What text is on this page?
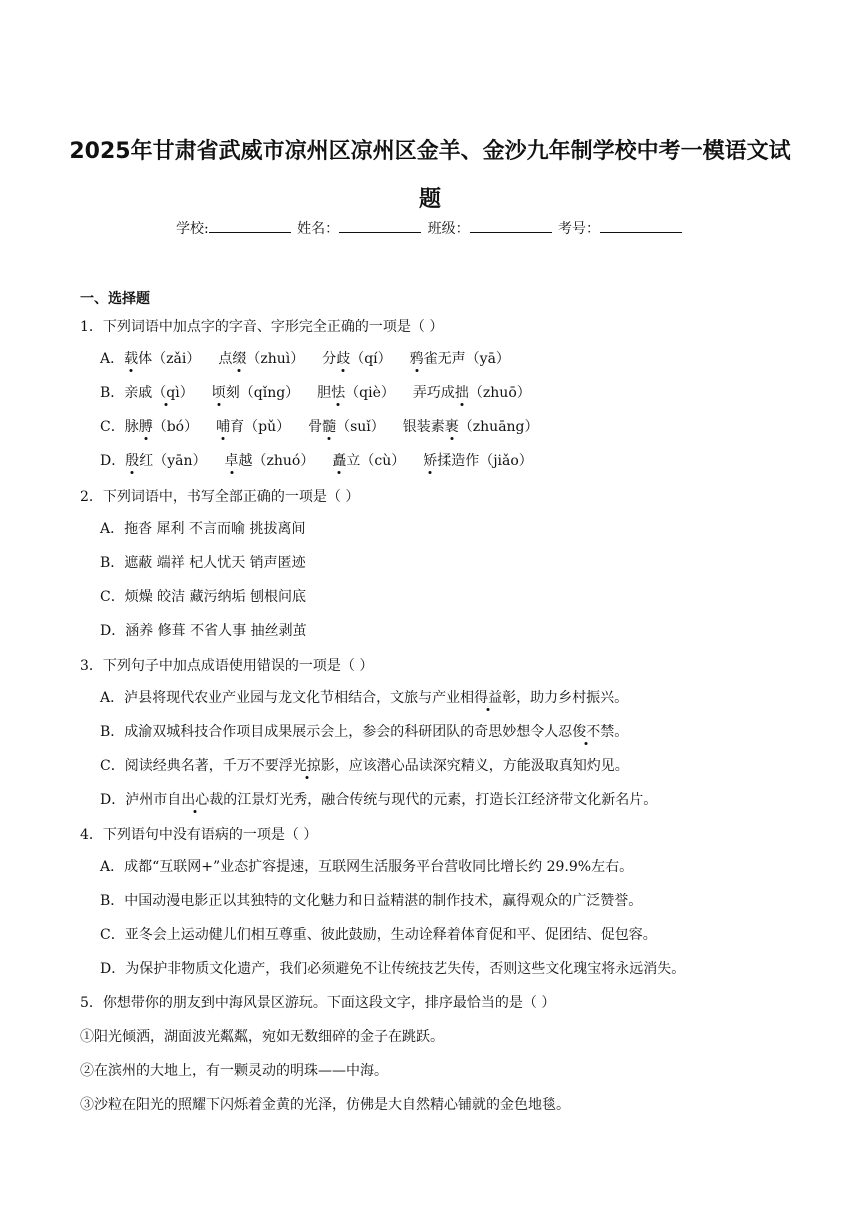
2025年甘肃省武威市凉州区凉州区金羊、金沙九年制学校中考一模语文试题
学校:	姓名：	班级：	考号：
一、选择题
1．下列词语中加点字的字音、字形完全正确的一项是（ ）
A．载体（zǎi） 点缀（zhuì） 分歧（qí） 鸦雀无声（yā）
B．亲戚（qì） 顷刻（qǐng） 胆怯（qiè） 弄巧成拙（zhuō）
C．脉膊（bó） 哺育（pǔ） 骨髓（suǐ） 银装素裹（zhuāng）
D．殷红（yān） 卓越（zhuó） 矗立（cù） 矫揉造作（jiǎo）
2．下列词语中，书写全部正确的一项是（ ）
A．拖沓 犀利 不言而喻 挑拔离间
B．遮蔽 端祥 杞人忧天 销声匿迹
C．烦燥 皎洁 藏污纳垢 刨根问底
D．涵养 修葺 不省人事 抽丝剥茧
3．下列句子中加点成语使用错误的一项是（ ）
A．泸县将现代农业产业园与龙文化节相结合，文旅与产业相得益彰，助力乡村振兴。
B．成渝双城科技合作项目成果展示会上，参会的科研团队的奇思妙想令人忍俊不禁。
C．阅读经典名著，千万不要浮光掠影，应该潜心品读深究精义，方能汲取真知灼见。
D．泸州市自出心裁的江景灯光秀，融合传统与现代的元素，打造长江经济带文化新名片。
4．下列语句中没有语病的一项是（ ）
A．成都“互联网+”业态扩容提速，互联网生活服务平台营收同比增长约 29.9%左右。
B．中国动漫电影正以其独特的文化魅力和日益精湛的制作技术，赢得观众的广泛赞誉。
C．亚冬会上运动健儿们相互尊重、彼此鼓励，生动诠释着体育促和平、促团结、促包容。
D．为保护非物质文化遗产，我们必须避免不让传统技艺失传，否则这些文化瑰宝将永远消失。
5．你想带你的朋友到中海风景区游玩。下面这段文字，排序最恰当的是（ ）
①阳光倾洒，湖面波光粼粼，宛如无数细碎的金子在跳跃。
②在滨州的大地上，有一颗灵动的明珠——中海。
③沙粒在阳光的照耀下闪烁着金黄的光泽，仿佛是大自然精心铺就的金色地毯。
